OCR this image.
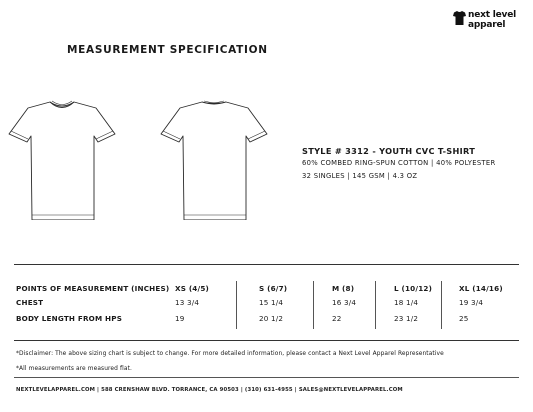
next level
apparel
MEASUREMENT SPECIFICATION
STYLE # 3312 - YOUTH CVC T-SHIRT
60% COMBED RING-SPUN COTTON | 40% POLYESTER
32 SINGLES | 145 GSM | 4.3 OZ
POINTS OF MEASUREMENT (INCHES) XS (4/5)	S (6/7)	M (8)	L (10/12)	XL (14/16)
CHEST	13 3/4	15 1/4	16 3/4	18 1/4	19 3/4
BODY LENGTH FROM HPS	19	20 1/2	22	23 1/2	25
*Disclaimer: The above sizing chart is subject to change. For more detailed information, please contact a Next Level Apparel Representative
*All measurements are measured flat.
NEXTLEVELAPPAREL.COM | 588 CRENSHAW BLVD. TORRANCE, CA 90503 | (310) 631-4955 | SALES@NEXTLEVELAPPAREL.COM
